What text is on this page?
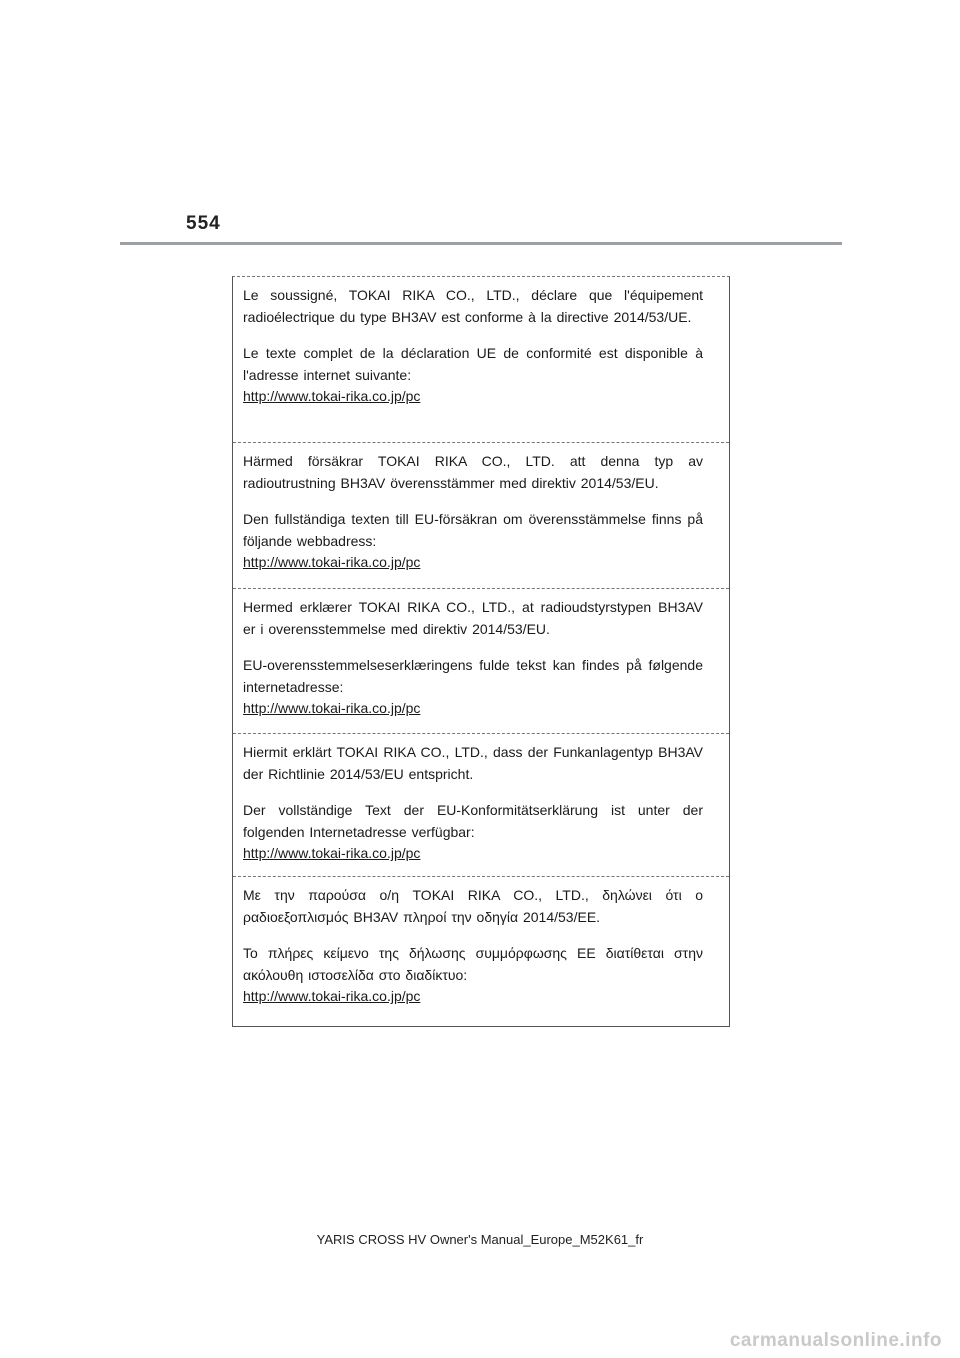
554

Le soussigné, TOKAI RIKA CO., LTD., déclare que l'équipement radioélectrique du type BH3AV est conforme à la directive 2014/53/UE.

Le texte complet de la déclaration UE de conformité est disponible à l'adresse internet suivante:

http://www.tokai-rika.co.jp/pc

Härmed försäkrar TOKAI RIKA CO., LTD. att denna typ av radioutrustning BH3AV överensstämmer med direktiv 2014/53/EU.

Den fullständiga texten till EU-försäkran om överensstämmelse finns på följande webbadress:

http://www.tokai-rika.co.jp/pc

Hermed erklærer TOKAI RIKA CO., LTD., at radioudstyrstypen BH3AV er i overensstemmelse med direktiv 2014/53/EU.

EU-overensstemmelseserklæringens fulde tekst kan findes på følgende internetadresse:

http://www.tokai-rika.co.jp/pc

Hiermit erklärt TOKAI RIKA CO., LTD., dass der Funkanlagentyp BH3AV der Richtlinie 2014/53/EU entspricht.

Der vollständige Text der EU-Konformitätserklärung ist unter der folgenden Internetadresse verfügbar:

http://www.tokai-rika.co.jp/pc

Με την παρούσα ο/η TOKAI RIKA CO., LTD., δηλώνει ότι ο ραδιοεξοπλισμός BH3AV πληροί την οδηγία 2014/53/ΕΕ.

Το πλήρες κείμενο της δήλωσης συμμόρφωσης ΕΕ διατίθεται στην ακόλουθη ιστοσελίδα στο διαδίκτυο:

http://www.tokai-rika.co.jp/pc
YARIS CROSS HV Owner's Manual_Europe_M52K61_fr
carmanualsonline.info
